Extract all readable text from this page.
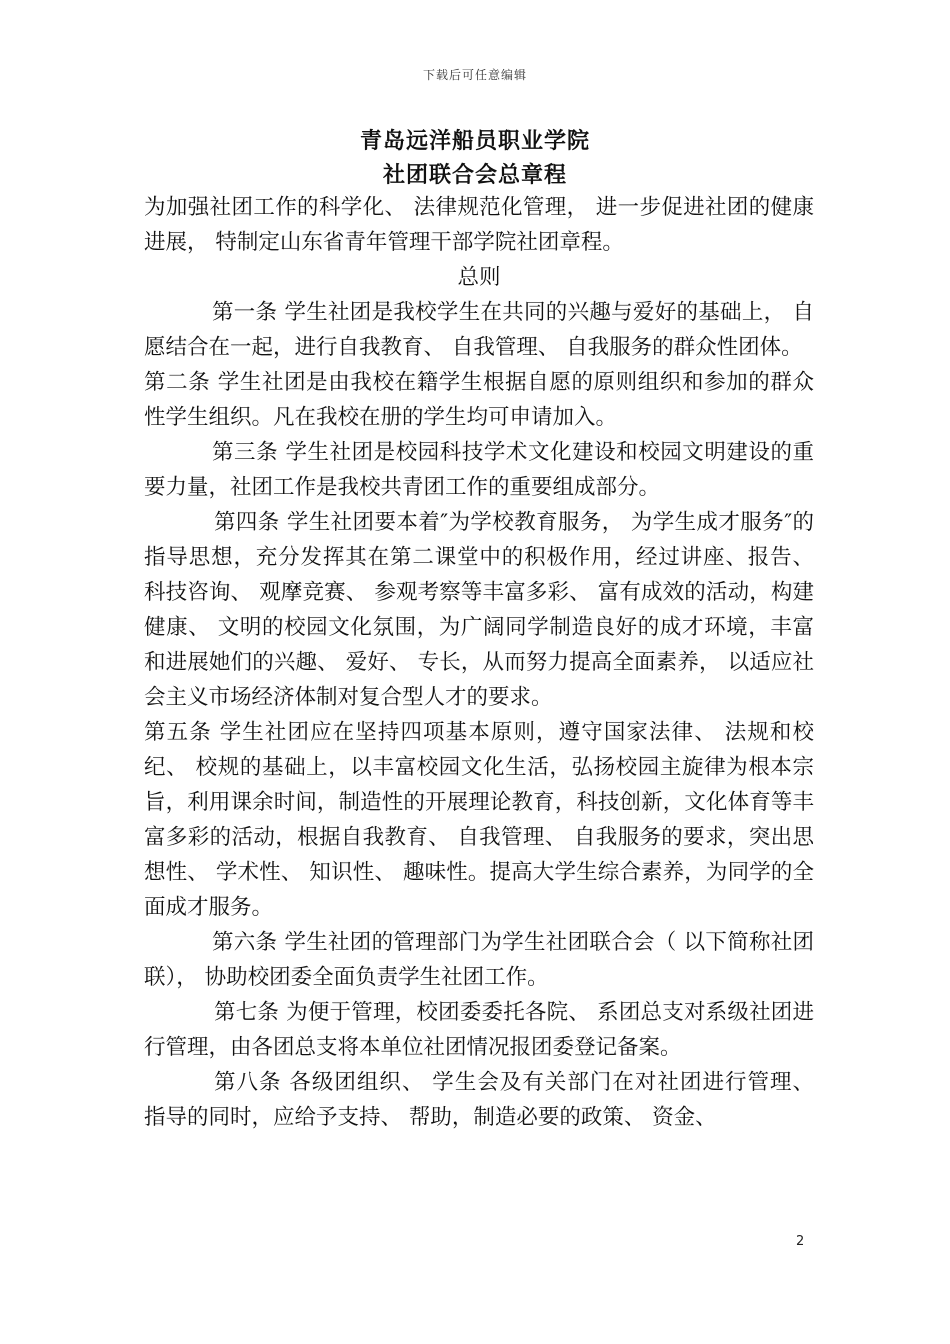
下载后可任意编辑
青岛远洋船员职业学院
社团联合会总章程

为加强社团工作的科学化、 法律规范化管理， 进一步促进社团的健康进展， 特制定山东省青年管理干部学院社团章程。

总则

第一条 学生社团是我校学生在共同的兴趣与爱好的基础上， 自愿结合在一起，进行自我教育、 自我管理、 自我服务的群众性团体。

第二条 学生社团是由我校在籍学生根据自愿的原则组织和参加的群众性学生组织。凡在我校在册的学生均可申请加入。

第三条 学生社团是校园科技学术文化建设和校园文明建设的重要力量，社团工作是我校共青团工作的重要组成部分。

第四条 学生社团要本着″为学校教育服务， 为学生成才服务″的指导思想，充分发挥其在第二课堂中的积极作用，经过讲座、报告、 科技咨询、 观摩竞赛、 参观考察等丰富多彩、 富有成效的活动，构建健康、 文明的校园文化氛围，为广阔同学制造良好的成才环境，丰富和进展她们的兴趣、 爱好、 专长，从而努力提高全面素养， 以适应社会主义市场经济体制对复合型人才的要求。

第五条 学生社团应在坚持四项基本原则，遵守国家法律、 法规和校纪、 校规的基础上，以丰富校园文化生活，弘扬校园主旋律为根本宗旨，利用课余时间，制造性的开展理论教育，科技创新，文化体育等丰富多彩的活动，根据自我教育、 自我管理、 自我服务的要求，突出思想性、 学术性、 知识性、 趣味性。提高大学生综合素养，为同学的全面成才服务。

第六条 学生社团的管理部门为学生社团联合会（ 以下简称社团联）， 协助校团委全面负责学生社团工作。

第七条 为便于管理，校团委委托各院、 系团总支对系级社团进行管理，由各团总支将本单位社团情况报团委登记备案。

第八条 各级团组织、 学生会及有关部门在对社团进行管理、 指导的同时，应给予支持、 帮助，制造必要的政策、 资金、

2
